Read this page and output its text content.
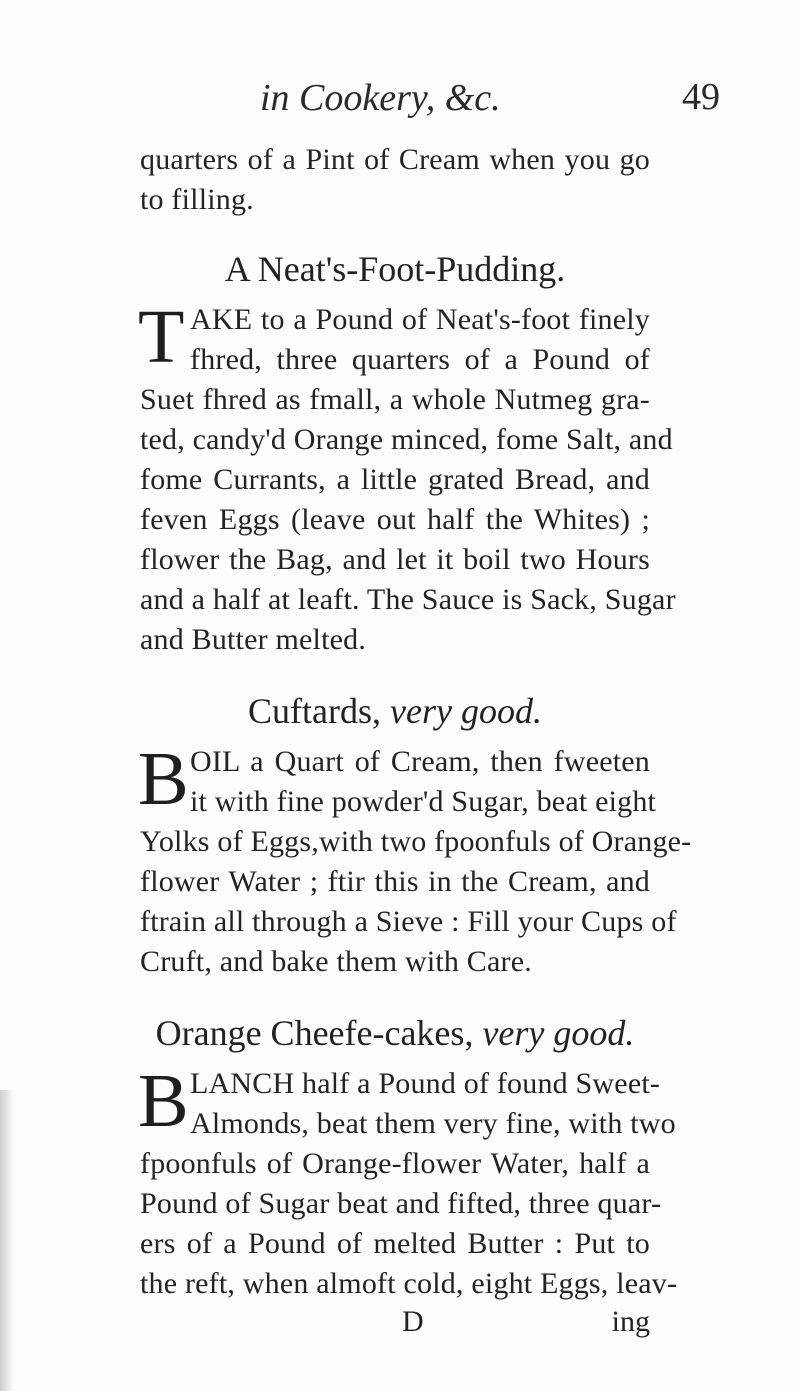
in Cookery, &c.	49
quarters of a Pint of Cream when you go
to filling.
A Neat's-Foot-Pudding.
T AKE to a Pound of Neat's-foot finely
fhred, three quarters of a Pound of
Suet fhred as fmall, a whole Nutmeg gra-
ted, candy'd Orange minced, fome Salt, and
fome Currants, a little grated Bread, and
feven Eggs (leave out half the Whites) ;
flower the Bag, and let it boil two Hours
and a half at leaft. The Sauce is Sack, Sugar
and Butter melted.
Cuftards, very good.
B OIL a Quart of Cream, then fweeten
it with fine powder'd Sugar, beat eight
Yolks of Eggs,with two fpoonfuls of Orange-
flower Water ; ftir this in the Cream, and
ftrain all through a Sieve : Fill your Cups of
Cruft, and bake them with Care.
Orange Cheefe-cakes, very good.
B LANCH half a Pound of found Sweet-
Almonds, beat them very fine, with two
fpoonfuls of Orange-flower Water, half a
Pound of Sugar beat and fifted, three quar-
ers of a Pound of melted Butter : Put to
the reft, when almoft cold, eight Eggs, leav-
D	ing
